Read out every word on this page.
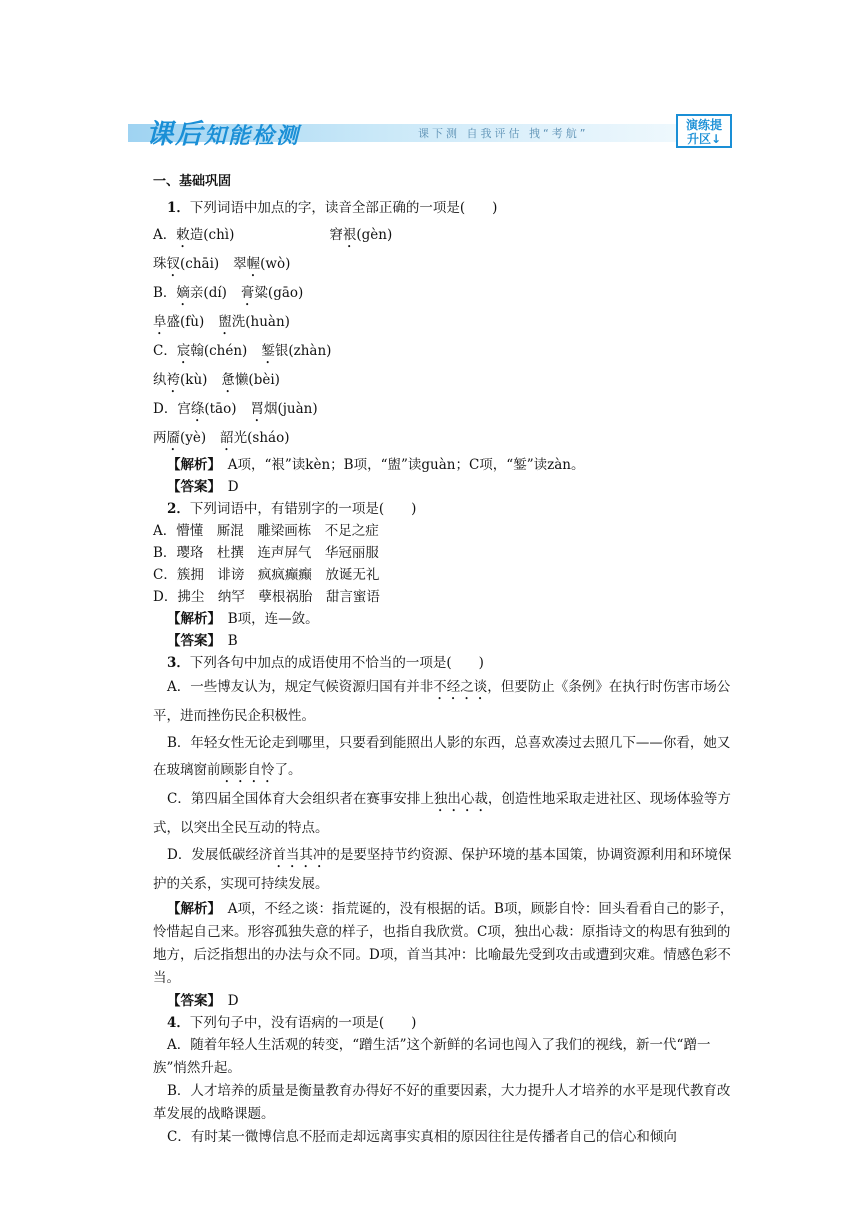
课后知能检测	课下测 自我评估 拽“考航”
演练提
升区↓
一、基础巩固
1．下列词语中加点的字，读音全部正确的一项是(　　)
A．敕造(chì)	窘裉(gèn)
珠钗(chāi) 翠幄(wò)
B．嫡亲(dí) 膏粱(gāo)
阜盛(fù) 盥洗(huàn)
C．宸翰(chén) 錾银(zhàn)
纨袴(kù) 惫懒(bèi)
D．宫绦(tāo) 罥烟(juàn)
两靥(yè) 韶光(sháo)
【解析】　 A项，“裉”读kèn；B项，“盥”读guàn；C项，“錾”读zàn。
【答案】　 D
2．下列词语中，有错别字的一项是(　　)
A．懵懂　厮混　雕梁画栋　不足之症
B．璎珞　杜撰　连声屏气　华冠丽服
C．簇拥　诽谤　疯疯癫癫　放诞无礼
D．拂尘　纳罕　孽根祸胎　甜言蜜语
【解析】　 B项，连—敛。
【答案】　 B
3．下列各句中加点的成语使用不恰当的一项是(　　)
A．一些博友认为，规定气候资源归国有并非不经之谈，但要防止《条例》在执行时伤害市场公平，进而挫伤民企积极性。
B．年轻女性无论走到哪里，只要看到能照出人影的东西，总喜欢凑过去照几下——你看，她又在玻璃窗前顾影自怜了。
C．第四届全国体育大会组织者在赛事安排上独出心裁，创造性地采取走进社区、现场体验等方式，以突出全民互动的特点。
D．发展低碳经济首当其冲的是要坚持节约资源、保护环境的基本国策，协调资源利用和环境保护的关系，实现可持续发展。
【解析】　 A项，不经之谈：指荒诞的，没有根据的话。B项，顾影自怜：回头看看自己的影子，怜惜起自己来。形容孤独失意的样子，也指自我欣赏。C项，独出心裁：原指诗文的构思有独到的地方，后泛指想出的办法与众不同。D项，首当其冲：比喻最先受到攻击或遭到灾难。情感色彩不当。
【答案】　 D
4．下列句子中，没有语病的一项是(　　)
A．随着年轻人生活观的转变，“蹭生活”这个新鲜的名词也闯入了我们的视线，新一代“蹭一族”悄然升起。
B．人才培养的质量是衡量教育办得好不好的重要因素，大力提升人才培养的水平是现代教育改革发展的战略课题。
C．有时某一微博信息不胫而走却远离事实真相的原因往往是传播者自己的信心和倾向
